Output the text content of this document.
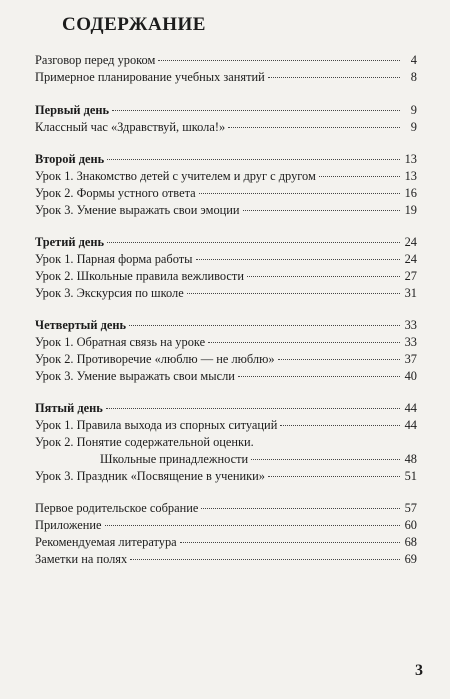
СОДЕРЖАНИЕ
Разговор перед уроком	4
Примерное планирование учебных занятий	8
Первый день	9
Классный час «Здравствуй, школа!»	9
Второй день	13
Урок 1. Знакомство детей с учителем и друг с другом	13
Урок 2. Формы устного ответа	16
Урок 3. Умение выражать свои эмоции	19
Третий день	24
Урок 1. Парная форма работы	24
Урок 2. Школьные правила вежливости	27
Урок 3. Экскурсия по школе	31
Четвертый день	33
Урок 1. Обратная связь на уроке	33
Урок 2. Противоречие «люблю — не люблю»	37
Урок 3. Умение выражать свои мысли	40
Пятый день	44
Урок 1. Правила выхода из спорных ситуаций	44
Урок 2. Понятие содержательной оценки.
Школьные принадлежности	48
Урок 3. Праздник «Посвящение в ученики»	51
Первое родительское собрание	57
Приложение	60
Рекомендуемая литература	68
Заметки на полях	69
3
